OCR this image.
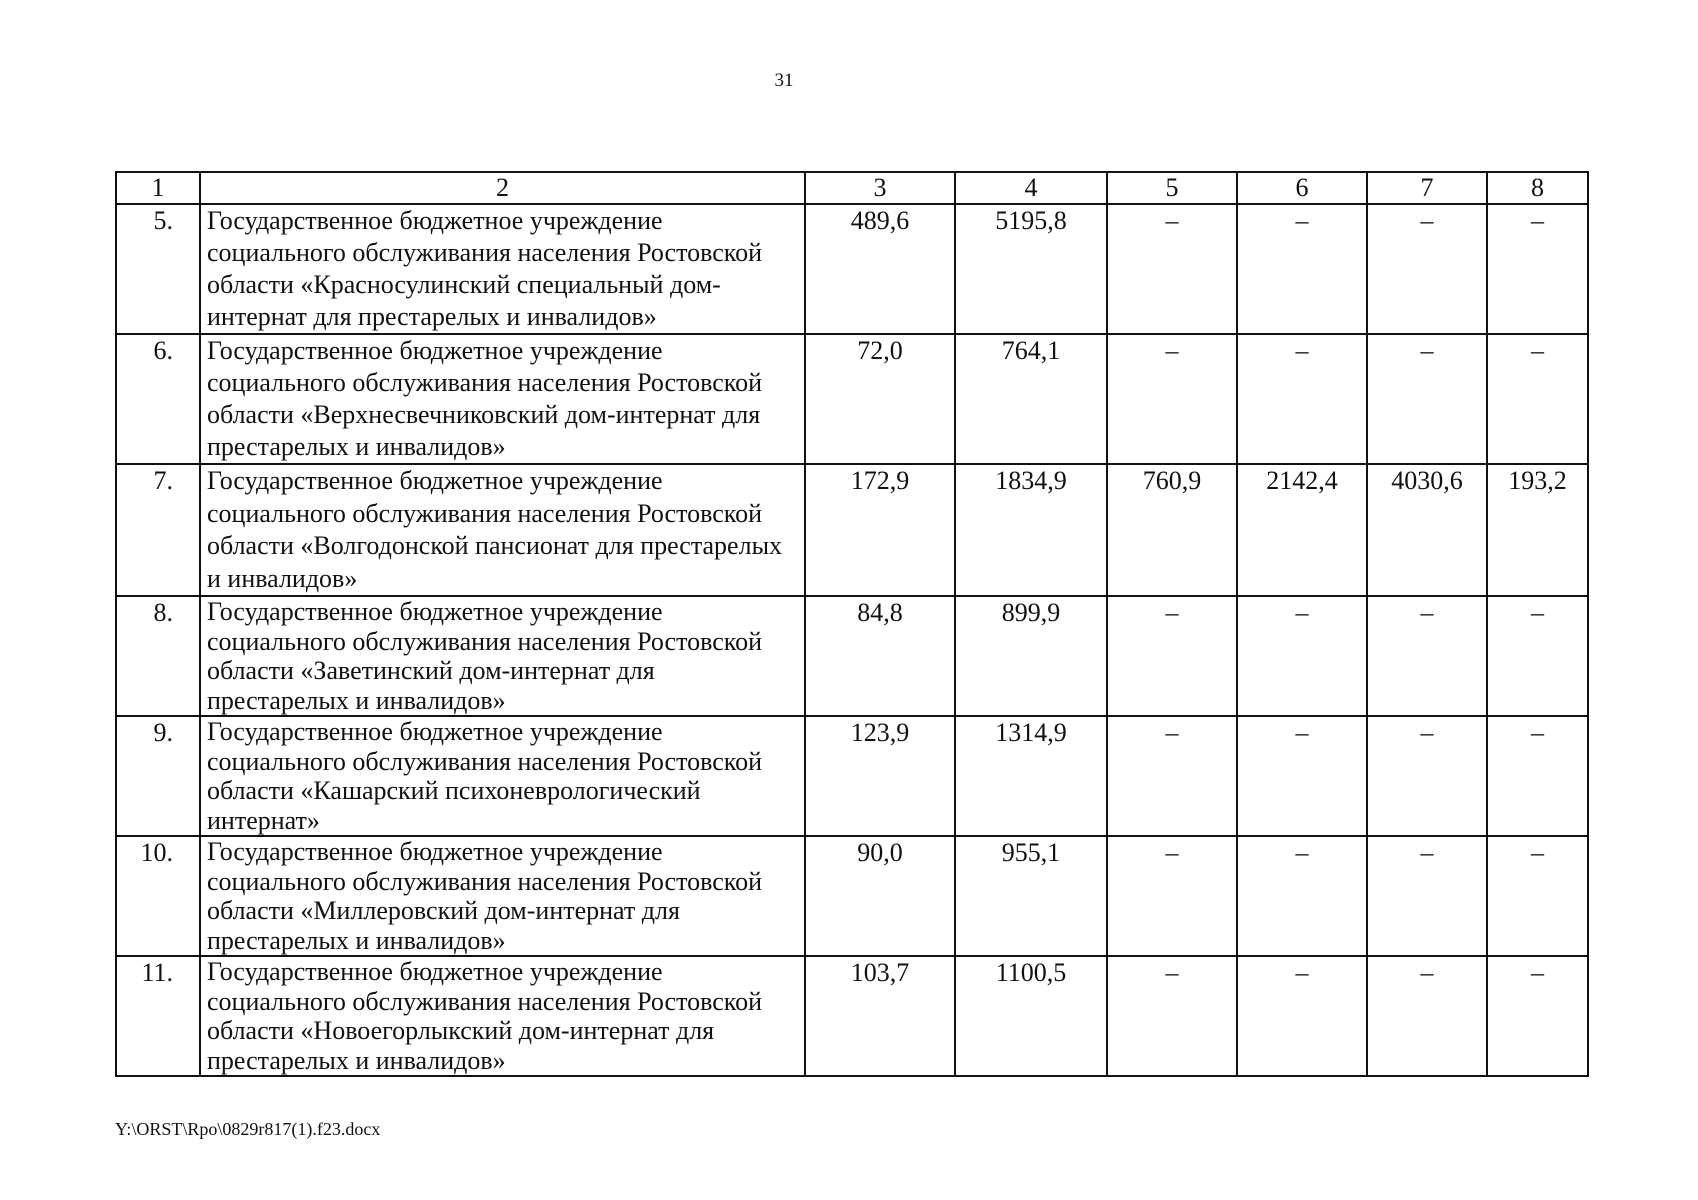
31
1	2	3	4	5	6	7	8
5.	Государственное бюджетное учреждение социального обслуживания населения Ростовской области «Красносулинский специальный дом-интернат для престарелых и инвалидов»	489,6	5195,8	–	–	–	–
6.	Государственное бюджетное учреждение социального обслуживания населения Ростовской области «Верхнесвечниковский дом-интернат для престарелых и инвалидов»	72,0	764,1	–	–	–	–
7.	Государственное бюджетное учреждение социального обслуживания населения Ростовской области «Волгодонской пансионат для престарелых и инвалидов»	172,9	1834,9	760,9	2142,4	4030,6	193,2
8.	Государственное бюджетное учреждение социального обслуживания населения Ростовской области «Заветинский дом-интернат для престарелых и инвалидов»	84,8	899,9	–	–	–	–
9.	Государственное бюджетное учреждение социального обслуживания населения Ростовской области «Кашарский психоневрологический интернат»	123,9	1314,9	–	–	–	–
10.	Государственное бюджетное учреждение социального обслуживания населения Ростовской области «Миллеровский дом-интернат для престарелых и инвалидов»	90,0	955,1	–	–	–	–
11.	Государственное бюджетное учреждение социального обслуживания населения Ростовской области «Новоегорлыкский дом-интернат для престарелых и инвалидов»	103,7	1100,5	–	–	–	–
Y:\ORST\Rpo\0829r817(1).f23.docx
